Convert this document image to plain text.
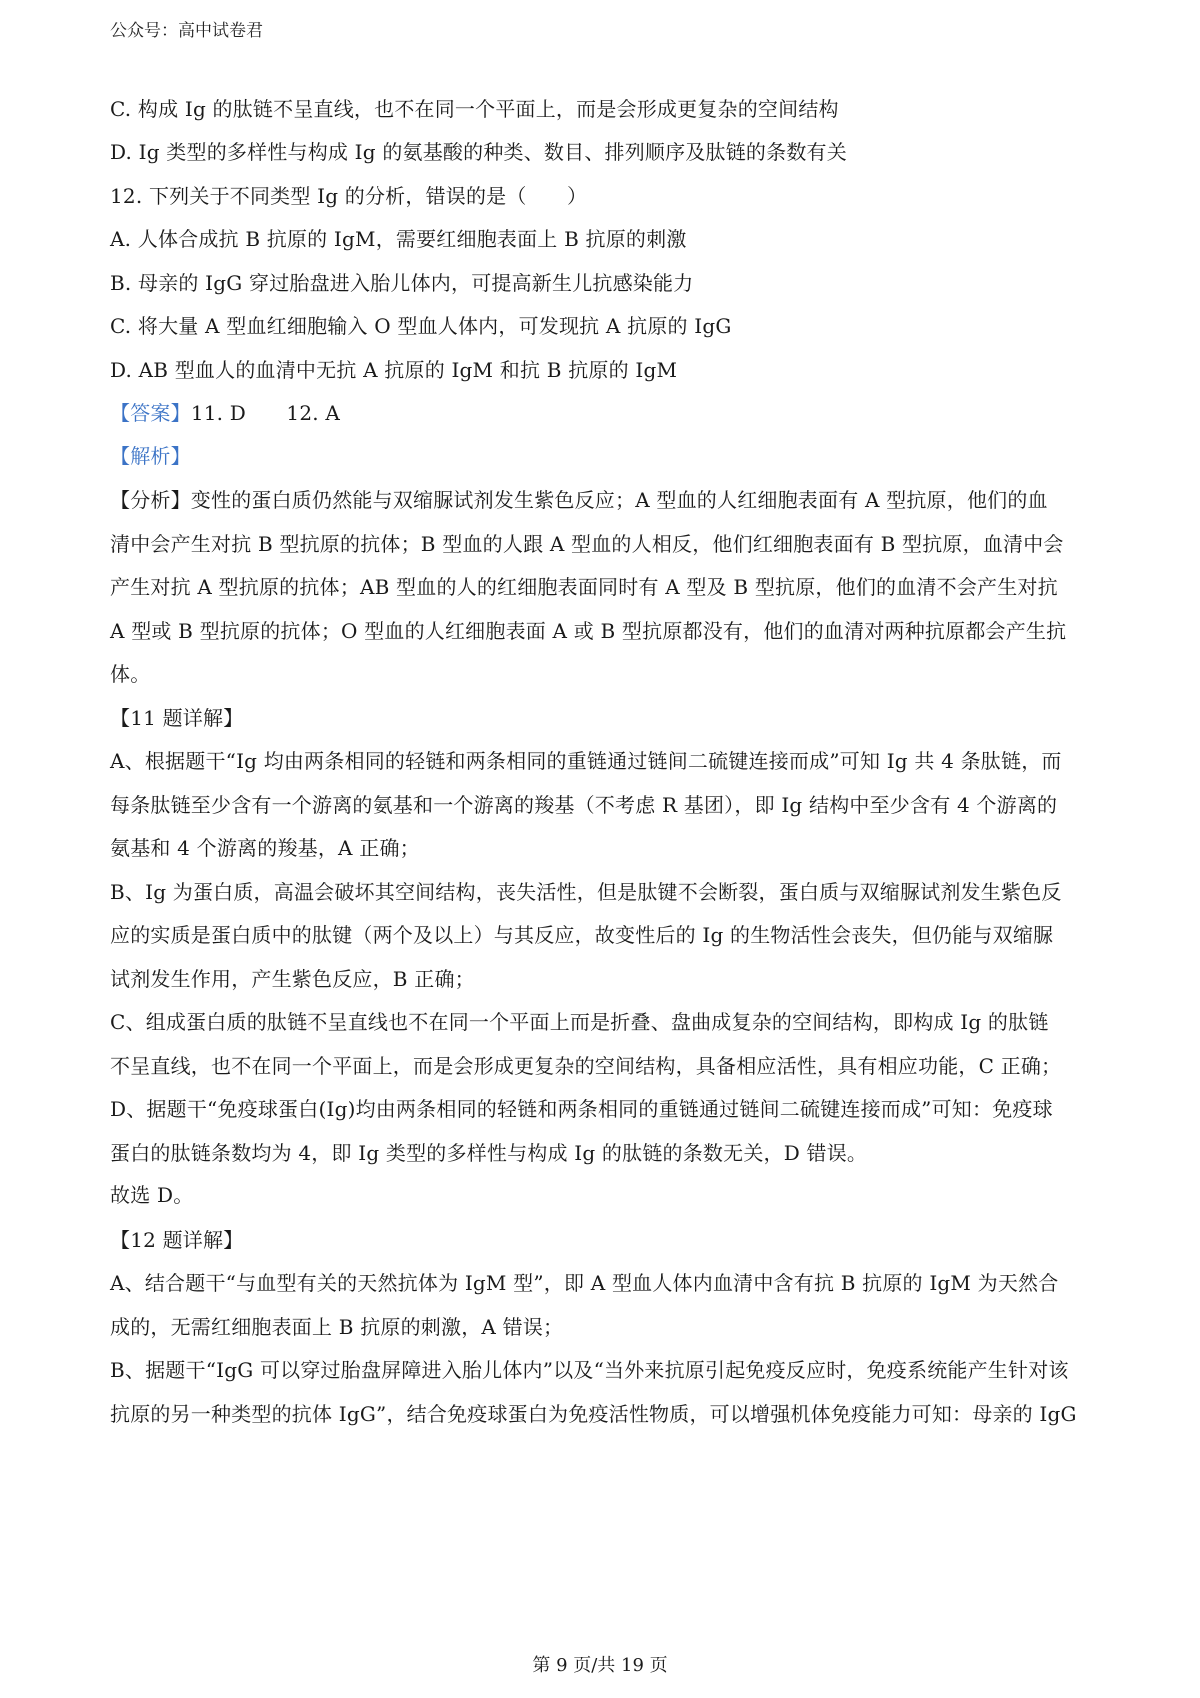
公众号：高中试卷君
C. 构成 Ig 的肽链不呈直线，也不在同一个平面上，而是会形成更复杂的空间结构
D. Ig 类型的多样性与构成 Ig 的氨基酸的种类、数目、排列顺序及肽链的条数有关
12. 下列关于不同类型 Ig 的分析，错误的是（　　）
A. 人体合成抗 B 抗原的 IgM，需要红细胞表面上 B 抗原的刺激
B. 母亲的 IgG 穿过胎盘进入胎儿体内，可提高新生儿抗感染能力
C. 将大量 A 型血红细胞输入 O 型血人体内，可发现抗 A 抗原的 IgG
D. AB 型血人的血清中无抗 A 抗原的 IgM 和抗 B 抗原的 IgM
【答案】11. D　　12. A
【解析】
【分析】变性的蛋白质仍然能与双缩脲试剂发生紫色反应；A 型血的人红细胞表面有 A 型抗原，他们的血
清中会产生对抗 B 型抗原的抗体；B 型血的人跟 A 型血的人相反，他们红细胞表面有 B 型抗原，血清中会
产生对抗 A 型抗原的抗体；AB 型血的人的红细胞表面同时有 A 型及 B 型抗原，他们的血清不会产生对抗
A 型或 B 型抗原的抗体；O 型血的人红细胞表面 A 或 B 型抗原都没有，他们的血清对两种抗原都会产生抗
体。
【11 题详解】
A、根据题干“Ig 均由两条相同的轻链和两条相同的重链通过链间二硫键连接而成”可知 Ig 共 4 条肽链，而
每条肽链至少含有一个游离的氨基和一个游离的羧基（不考虑 R 基团），即 Ig 结构中至少含有 4 个游离的
氨基和 4 个游离的羧基，A 正确；
B、Ig 为蛋白质，高温会破坏其空间结构，丧失活性，但是肽键不会断裂，蛋白质与双缩脲试剂发生紫色反
应的实质是蛋白质中的肽键（两个及以上）与其反应，故变性后的 Ig 的生物活性会丧失，但仍能与双缩脲
试剂发生作用，产生紫色反应，B 正确；
C、组成蛋白质的肽链不呈直线也不在同一个平面上而是折叠、盘曲成复杂的空间结构，即构成 Ig 的肽链
不呈直线，也不在同一个平面上，而是会形成更复杂的空间结构，具备相应活性，具有相应功能，C 正确；
D、据题干“免疫球蛋白(Ig)均由两条相同的轻链和两条相同的重链通过链间二硫键连接而成”可知：免疫球
蛋白的肽链条数均为 4，即 Ig 类型的多样性与构成 Ig 的肽链的条数无关，D 错误。
故选 D。
【12 题详解】
A、结合题干“与血型有关的天然抗体为 IgM 型”，即 A 型血人体内血清中含有抗 B 抗原的 IgM 为天然合
成的，无需红细胞表面上 B 抗原的刺激，A 错误；
B、据题干“IgG 可以穿过胎盘屏障进入胎儿体内”以及“当外来抗原引起免疫反应时，免疫系统能产生针对该
抗原的另一种类型的抗体 IgG”，结合免疫球蛋白为免疫活性物质，可以增强机体免疫能力可知：母亲的 IgG
第 9 页/共 19 页
